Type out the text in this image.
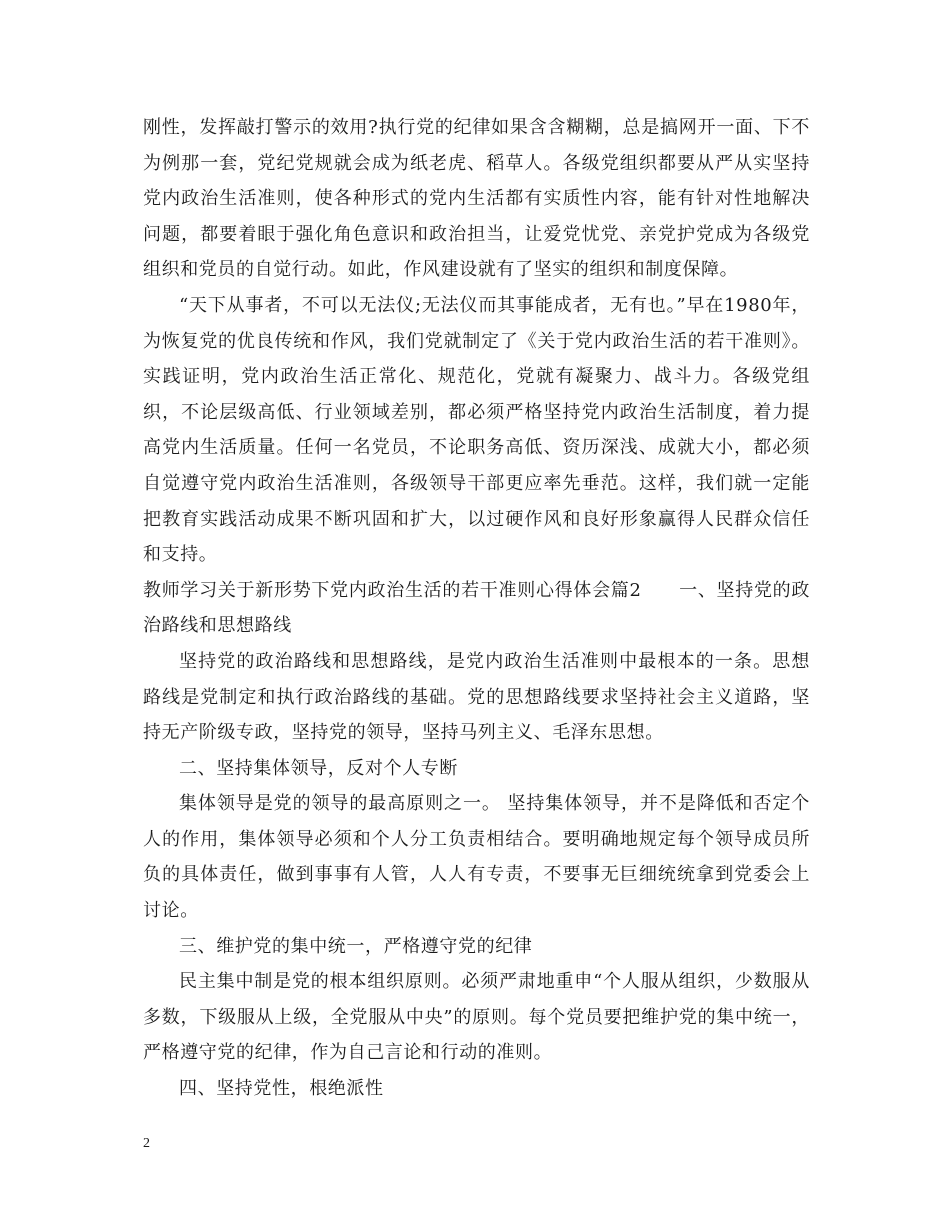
刚性，发挥敲打警示的效用?执行党的纪律如果含含糊糊，总是搞网开一面、下不为例那一套，党纪党规就会成为纸老虎、稻草人。各级党组织都要从严从实坚持党内政治生活准则，使各种形式的党内生活都有实质性内容，能有针对性地解决问题，都要着眼于强化角色意识和政治担当，让爱党忧党、亲党护党成为各级党组织和党员的自觉行动。如此，作风建设就有了坚实的组织和制度保障。

“天下从事者，不可以无法仪;无法仪而其事能成者，无有也。”早在1980年，为恢复党的优良传统和作风，我们党就制定了《关于党内政治生活的若干准则》。实践证明，党内政治生活正常化、规范化，党就有凝聚力、战斗力。各级党组织，不论层级高低、行业领域差别，都必须严格坚持党内政治生活制度，着力提高党内生活质量。任何一名党员，不论职务高低、资历深浅、成就大小，都必须自觉遵守党内政治生活准则，各级领导干部更应率先垂范。这样，我们就一定能把教育实践活动成果不断巩固和扩大，以过硬作风和良好形象赢得人民群众信任和支持。

教师学习关于新形势下党内政治生活的若干准则心得体会篇2　　一、坚持党的政治路线和思想路线

坚持党的政治路线和思想路线，是党内政治生活准则中最根本的一条。思想路线是党制定和执行政治路线的基础。党的思想路线要求坚持社会主义道路，坚持无产阶级专政，坚持党的领导，坚持马列主义、毛泽东思想。

二、坚持集体领导，反对个人专断

集体领导是党的领导的最高原则之一。 坚持集体领导，并不是降低和否定个人的作用，集体领导必须和个人分工负责相结合。要明确地规定每个领导成员所负的具体责任，做到事事有人管，人人有专责，不要事无巨细统统拿到党委会上讨论。

三、维护党的集中统一，严格遵守党的纪律

民主集中制是党的根本组织原则。必须严肃地重申“个人服从组织，少数服从多数，下级服从上级，全党服从中央”的原则。每个党员要把维护党的集中统一，严格遵守党的纪律，作为自己言论和行动的准则。

四、坚持党性，根绝派性

2
